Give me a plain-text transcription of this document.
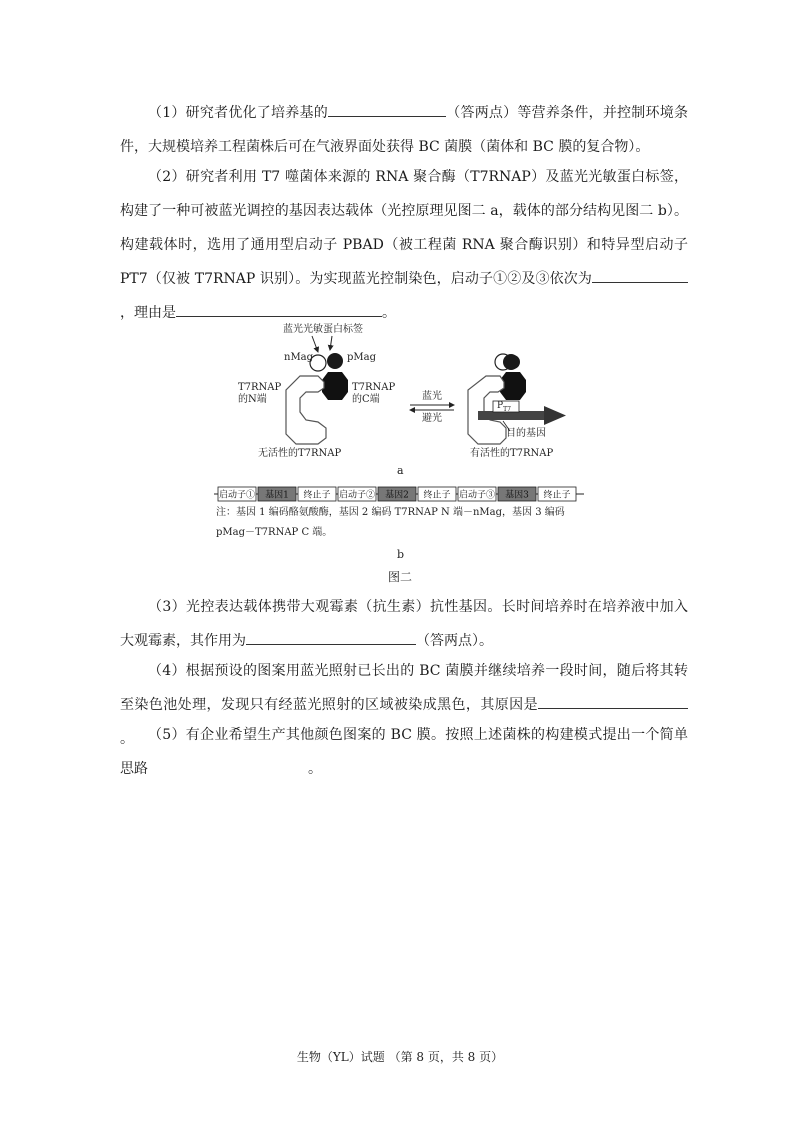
（1）研究者优化了培养基的	（答两点）等营养条件，并控制环境条件，大规模培养工程菌株后可在气液界面处获得 BC 菌膜（菌体和 BC 膜的复合物）。

（2）研究者利用 T7 噬菌体来源的 RNA 聚合酶（T7RNAP）及蓝光光敏蛋白标签，构建了一种可被蓝光调控的基因表达载体（光控原理见图二 a，载体的部分结构见图二 b）。构建载体时，选用了通用型启动子 PBAD（被工程菌 RNA 聚合酶识别）和特异型启动子 PT7（仅被 T7RNAP 识别）。为实现蓝光控制染色，启动子①②及③依次为，理由是	。

启动子① 基因1 终止子 启动子② 基因2 终止子 启动子③ 基因3 终止子
蓝光光敏蛋白标签
nMag	pMag
T7RNAP
的N端
T7RNAP
的C端	蓝光
避光
$P_{T7}$
目的基因
无活性的T7RNAP	有活性的T7RNAP
a
注：基因 1 编码酪氨酸酶，基因 2 编码 T7RNAP N 端－nMag，基因 3 编码
pMag－T7RNAP C 端。
b
图二

（3）光控表达载体携带大观霉素（抗生素）抗性基因。长时间培养时在培养液中加入大观霉素，其作用为	（答两点）。

（4）根据预设的图案用蓝光照射已长出的 BC 菌膜并继续培养一段时间，随后将其转至染色池处理，发现只有经蓝光照射的区域被染成黑色，其原因是。	（5）有企业希望生产其他颜色图案的 BC 膜。按照上述菌株的构建模式提出一个简单思路	。

生物（YL）试题 （第 8 页，共 8 页）
